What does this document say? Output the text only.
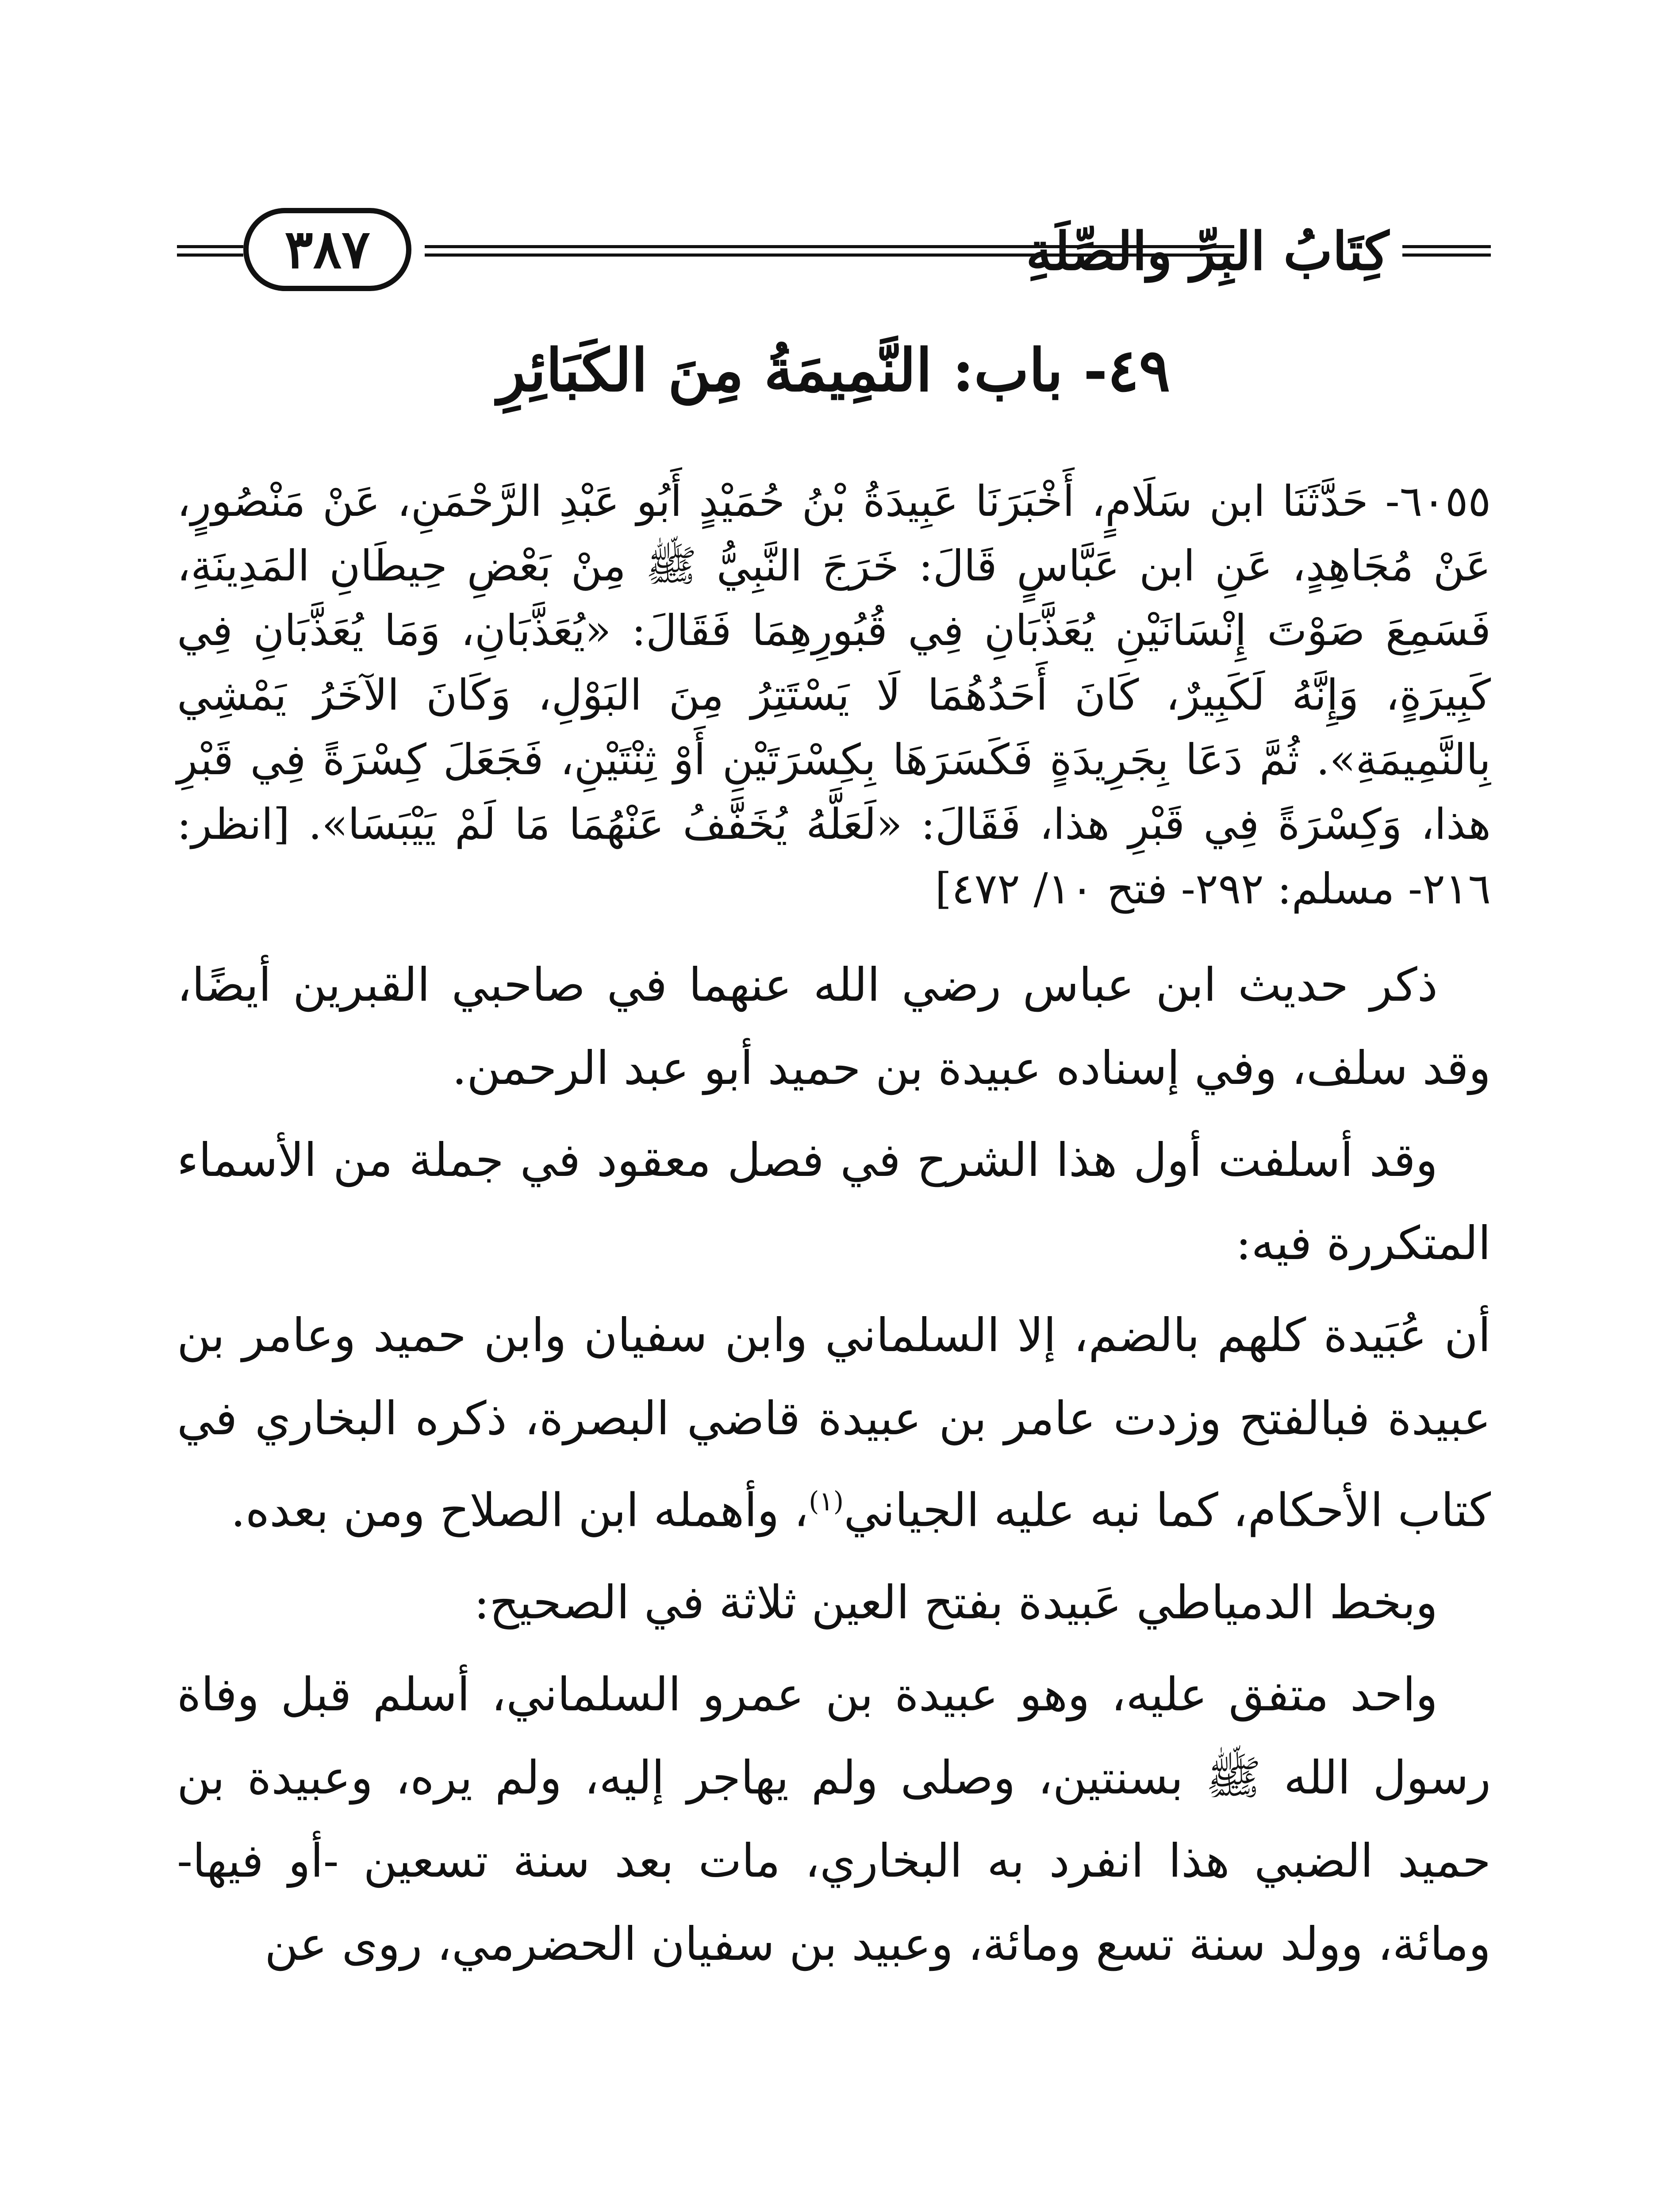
كِتَابُ البِرِّ والصِّلَةِ
٣٨٧
٤٩- باب: النَّمِيمَةُ مِنَ الكَبَائِرِ

٦٠٥٥- حَدَّثَنَا ابن سَلَامٍ، أَخْبَرَنَا عَبِيدَةُ بْنُ حُمَيْدٍ أَبُو عَبْدِ الرَّحْمَنِ، عَنْ مَنْصُورٍ، عَنْ مُجَاهِدٍ، عَنِ ابن عَبَّاسٍ قَالَ: خَرَجَ النَّبِيُّ ﷺ مِنْ بَعْضِ حِيطَانِ المَدِينَةِ، فَسَمِعَ صَوْتَ إِنْسَانَيْنِ يُعَذَّبَانِ فِي قُبُورِهِمَا فَقَالَ: «يُعَذَّبَانِ، وَمَا يُعَذَّبَانِ فِي كَبِيرَةٍ، وَإِنَّهُ لَكَبِيرٌ، كَانَ أَحَدُهُمَا لَا يَسْتَتِرُ مِنَ البَوْلِ، وَكَانَ الآخَرُ يَمْشِي بِالنَّمِيمَةِ». ثُمَّ دَعَا بِجَرِيدَةٍ فَكَسَرَهَا بِكِسْرَتَيْنِ أَوْ ثِنْتَيْنِ، فَجَعَلَ كِسْرَةً فِي قَبْرِ هذا، وَكِسْرَةً فِي قَبْرِ هذا، فَقَالَ: «لَعَلَّهُ يُخَفَّفُ عَنْهُمَا مَا لَمْ يَيْبَسَا». [انظر: ٢١٦- مسلم: ٢٩٢- فتح ١٠/ ٤٧٢]

ذكر حديث ابن عباس رضي الله عنهما في صاحبي القبرين أيضًا، وقد سلف، وفي إسناده عبيدة بن حميد أبو عبد الرحمن.

وقد أسلفت أول هذا الشرح في فصل معقود في جملة من الأسماء المتكررة فيه:

أن عُبَيدة كلهم بالضم، إلا السلماني وابن سفيان وابن حميد وعامر بن عبيدة فبالفتح وزدت عامر بن عبيدة قاضي البصرة، ذكره البخاري في كتاب الأحكام، كما نبه عليه الجياني$^{(١)}$، وأهمله ابن الصلاح ومن بعده.

وبخط الدمياطي عَبيدة بفتح العين ثلاثة في الصحيح:

واحد متفق عليه، وهو عبيدة بن عمرو السلماني، أسلم قبل وفاة رسول الله ﷺ بسنتين، وصلى ولم يهاجر إليه، ولم يره، وعبيدة بن حميد الضبي هذا انفرد به البخاري، مات بعد سنة تسعين -أو فيها- ومائة، وولد سنة تسع ومائة، وعبيد بن سفيان الحضرمي، روى عن
